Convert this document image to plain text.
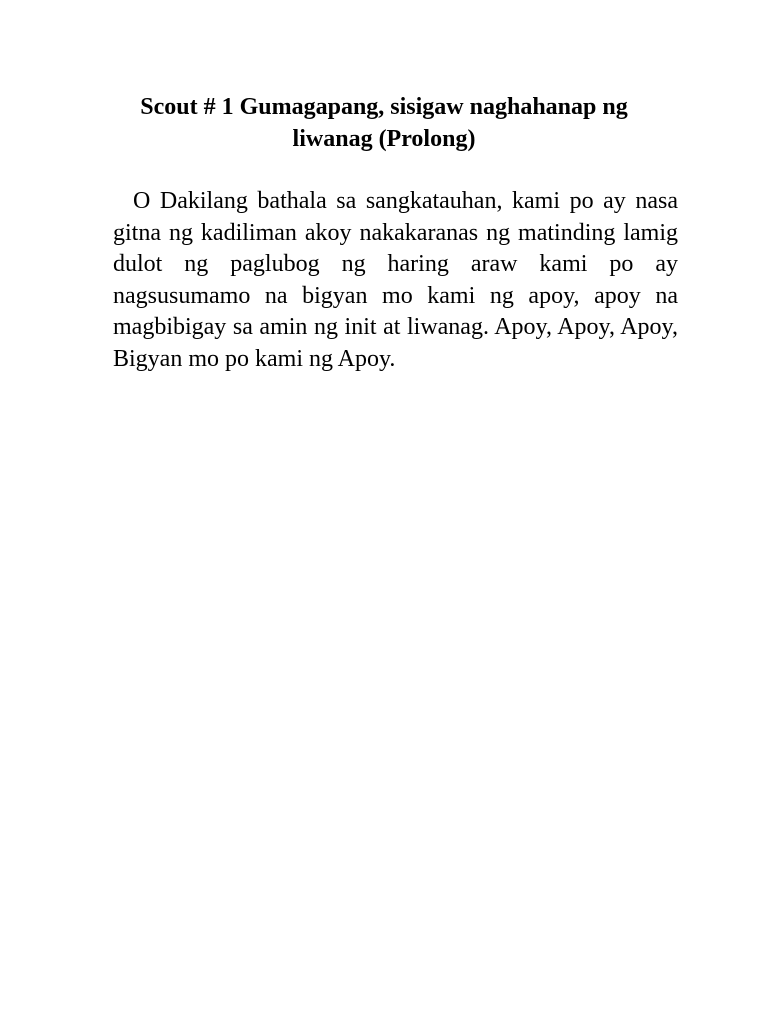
Scout # 1 Gumagapang, sisigaw naghahanap ng
liwanag (Prolong)

O Dakilang bathala sa sangkatauhan, kami po ay nasa gitna ng kadiliman akoy nakakaranas ng matinding lamig dulot ng paglubog ng haring araw kami po ay nagsusumamo na bigyan mo kami ng apoy, apoy na magbibigay sa amin ng init at liwanag. Apoy, Apoy, Apoy, Bigyan mo po kami ng Apoy.
